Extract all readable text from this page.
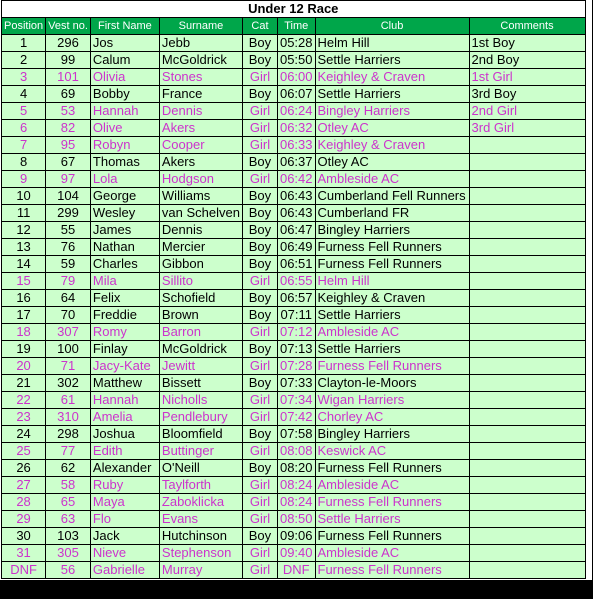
Under 12 Race							
Position	Vest no.	First Name	Surname	Cat	Time	Club	Comments
1	296	Jos	Jebb	Boy	05:28	Helm Hill	1st Boy
2	99	Calum	McGoldrick	Boy	05:50	Settle Harriers	2nd Boy
3	101	Olivia	Stones	Girl	06:00	Keighley & Craven	1st Girl
4	69	Bobby	France	Boy	06:07	Settle Harriers	3rd Boy
5	53	Hannah	Dennis	Girl	06:24	Bingley Harriers	2nd Girl
6	82	Olive	Akers	Girl	06:32	Otley AC	3rd Girl
7	95	Robyn	Cooper	Girl	06:33	Keighley & Craven	
8	67	Thomas	Akers	Boy	06:37	Otley AC	
9	97	Lola	Hodgson	Girl	06:42	Ambleside AC	
10	104	George	Williams	Boy	06:43	Cumberland Fell Runners	
11	299	Wesley	van Schelven	Boy	06:43	Cumberland FR	
12	55	James	Dennis	Boy	06:47	Bingley Harriers	
13	76	Nathan	Mercier	Boy	06:49	Furness Fell Runners	
14	59	Charles	Gibbon	Boy	06:51	Furness Fell Runners	
15	79	Mila	Sillito	Girl	06:55	Helm Hill	
16	64	Felix	Schofield	Boy	06:57	Keighley & Craven	
17	70	Freddie	Brown	Boy	07:11	Settle Harriers	
18	307	Romy	Barron	Girl	07:12	Ambleside AC	
19	100	Finlay	McGoldrick	Boy	07:13	Settle Harriers	
20	71	Jacy-Kate	Jewitt	Girl	07:28	Furness Fell Runners	
21	302	Matthew	Bissett	Boy	07:33	Clayton-le-Moors	
22	61	Hannah	Nicholls	Girl	07:34	Wigan Harriers	
23	310	Amelia	Pendlebury	Girl	07:42	Chorley AC	
24	298	Joshua	Bloomfield	Boy	07:58	Bingley Harriers	
25	77	Edith	Buttinger	Girl	08:08	Keswick AC	
26	62	Alexander	O'Neill	Boy	08:20	Furness Fell Runners	
27	58	Ruby	Taylforth	Girl	08:24	Ambleside AC	
28	65	Maya	Zaboklicka	Girl	08:24	Furness Fell Runners	
29	63	Flo	Evans	Girl	08:50	Settle Harriers	
30	103	Jack	Hutchinson	Boy	09:06	Furness Fell Runners	
31	305	Nieve	Stephenson	Girl	09:40	Ambleside AC	
DNF	56	Gabrielle	Murray	Girl	DNF	Furness Fell Runners	
